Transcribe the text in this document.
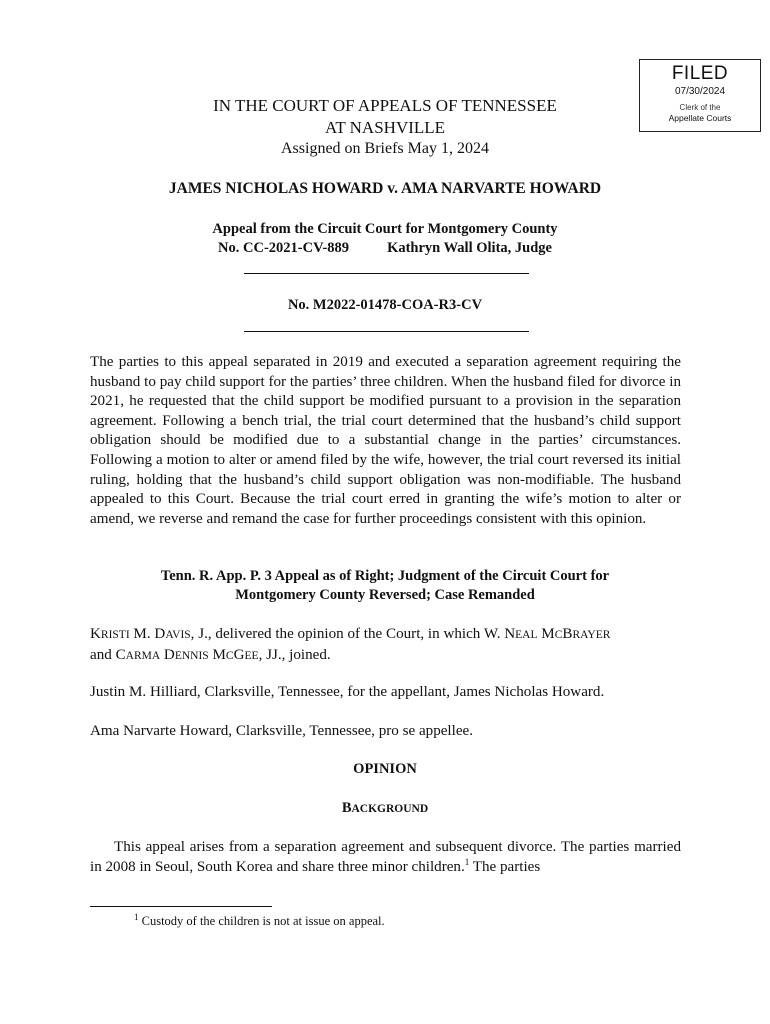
FILED
07/30/2024
Clerk of the
Appellate Courts
IN THE COURT OF APPEALS OF TENNESSEE
AT NASHVILLE
Assigned on Briefs May 1, 2024
JAMES NICHOLAS HOWARD v. AMA NARVARTE HOWARD
Appeal from the Circuit Court for Montgomery County
No. CC-2021-CV-889	Kathryn Wall Olita, Judge
No. M2022-01478-COA-R3-CV
The parties to this appeal separated in 2019 and executed a separation agreement requiring the husband to pay child support for the parties’ three children. When the husband filed for divorce in 2021, he requested that the child support be modified pursuant to a provision in the separation agreement. Following a bench trial, the trial court determined that the husband’s child support obligation should be modified due to a substantial change in the parties’ circumstances. Following a motion to alter or amend filed by the wife, however, the trial court reversed its initial ruling, holding that the husband’s child support obligation was non-modifiable. The husband appealed to this Court. Because the trial court erred in granting the wife’s motion to alter or amend, we reverse and remand the case for further proceedings consistent with this opinion.
Tenn. R. App. P. 3 Appeal as of Right; Judgment of the Circuit Court for
Montgomery County Reversed; Case Remanded
KRISTI M. DAVIS, J., delivered the opinion of the Court, in which W. NEAL MCBRAYER
and CARMA DENNIS MCGEE, JJ., joined.
Justin M. Hilliard, Clarksville, Tennessee, for the appellant, James Nicholas Howard.
Ama Narvarte Howard, Clarksville, Tennessee, pro se appellee.
OPINION
BACKGROUND
This appeal arises from a separation agreement and subsequent divorce. The parties married in 2008 in Seoul, South Korea and share three minor children.$^1$ The parties
$^1$ Custody of the children is not at issue on appeal.
